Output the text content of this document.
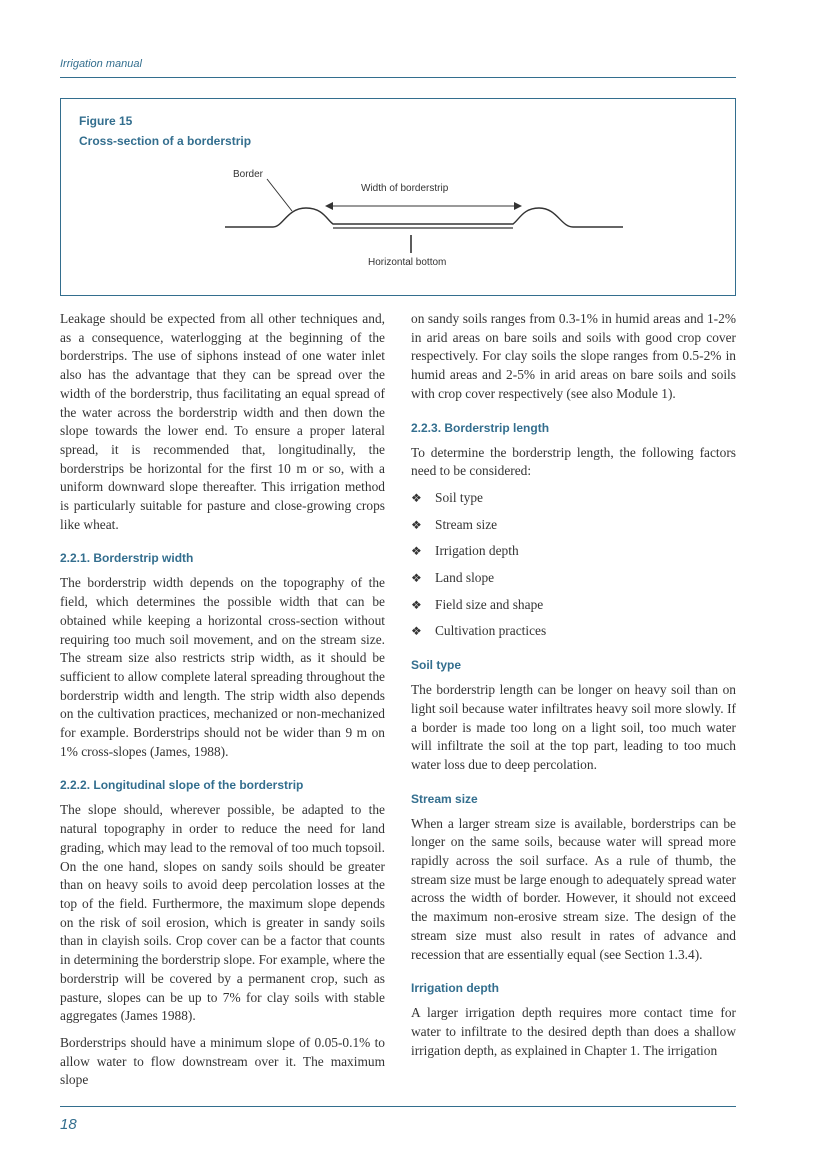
Irrigation manual
Figure 15
Cross-section of a borderstrip
Border
Width of borderstrip
Horizontal bottom

Leakage should be expected from all other techniques and, as a consequence, waterlogging at the beginning of the borderstrips. The use of siphons instead of one water inlet also has the advantage that they can be spread over the width of the borderstrip, thus facilitating an equal spread of the water across the borderstrip width and then down the slope towards the lower end. To ensure a proper lateral spread, it is recommended that, longitudinally, the borderstrips be horizontal for the first 10 m or so, with a uniform downward slope thereafter. This irrigation method is particularly suitable for pasture and close-growing crops like wheat.

2.2.1. Borderstrip width

The borderstrip width depends on the topography of the field, which determines the possible width that can be obtained while keeping a horizontal cross-section without requiring too much soil movement, and on the stream size. The stream size also restricts strip width, as it should be sufficient to allow complete lateral spreading throughout the borderstrip width and length. The strip width also depends on the cultivation practices, mechanized or non-mechanized for example. Borderstrips should not be wider than 9 m on 1% cross-slopes (James, 1988).

2.2.2. Longitudinal slope of the borderstrip

The slope should, wherever possible, be adapted to the natural topography in order to reduce the need for land grading, which may lead to the removal of too much topsoil. On the one hand, slopes on sandy soils should be greater than on heavy soils to avoid deep percolation losses at the top of the field. Furthermore, the maximum slope depends on the risk of soil erosion, which is greater in sandy soils than in clayish soils. Crop cover can be a factor that counts in determining the borderstrip slope. For example, where the borderstrip will be covered by a permanent crop, such as pasture, slopes can be up to 7% for clay soils with stable aggregates (James 1988).

Borderstrips should have a minimum slope of 0.05-0.1% to allow water to flow downstream over it. The maximum slope

on sandy soils ranges from 0.3-1% in humid areas and 1-2% in arid areas on bare soils and soils with good crop cover respectively. For clay soils the slope ranges from 0.5-2% in humid areas and 2-5% in arid areas on bare soils and soils with crop cover respectively (see also Module 1).

2.2.3. Borderstrip length

To determine the borderstrip length, the following factors need to be considered:

❖ Soil type
❖ Stream size
❖ Irrigation depth
❖ Land slope
❖ Field size and shape
❖ Cultivation practices
Soil type

The borderstrip length can be longer on heavy soil than on light soil because water infiltrates heavy soil more slowly. If a border is made too long on a light soil, too much water will infiltrate the soil at the top part, leading to too much water loss due to deep percolation.

Stream size

When a larger stream size is available, borderstrips can be longer on the same soils, because water will spread more rapidly across the soil surface. As a rule of thumb, the stream size must be large enough to adequately spread water across the width of border. However, it should not exceed the maximum non-erosive stream size. The design of the stream size must also result in rates of advance and recession that are essentially equal (see Section 1.3.4).

Irrigation depth

A larger irrigation depth requires more contact time for water to infiltrate to the desired depth than does a shallow irrigation depth, as explained in Chapter 1. The irrigation

18
